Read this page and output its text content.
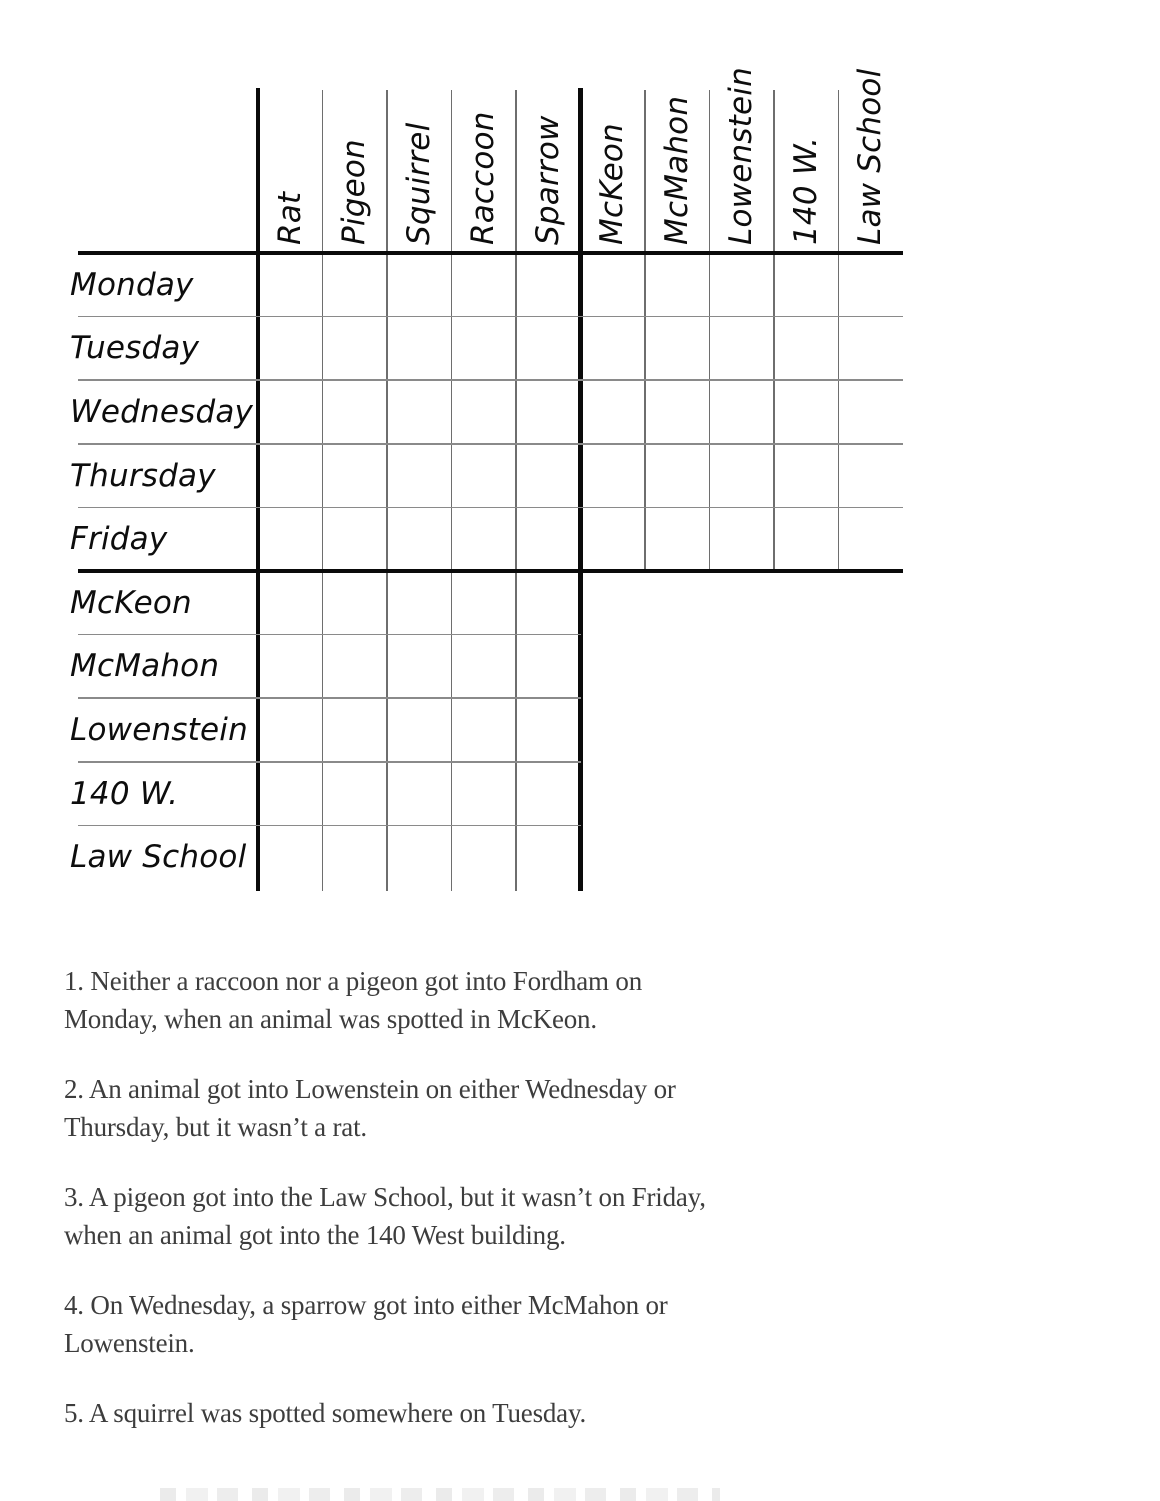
Rat Pigeon Squirrel Raccoon Sparrow McKeon McMahon Lowenstein 140 W. Law School
Monday
Tuesday
Wednesday
Thursday
Friday
McKeon
McMahon
Lowenstein
140 W.
Law School
1. Neither a raccoon nor a pigeon got into Fordham on
Monday, when an animal was spotted in McKeon.
2. An animal got into Lowenstein on either Wednesday or
Thursday, but it wasn’t a rat.
3. A pigeon got into the Law School, but it wasn’t on Friday,
when an animal got into the 140 West building.
4. On Wednesday, a sparrow got into either McMahon or
Lowenstein.
5. A squirrel was spotted somewhere on Tuesday.
